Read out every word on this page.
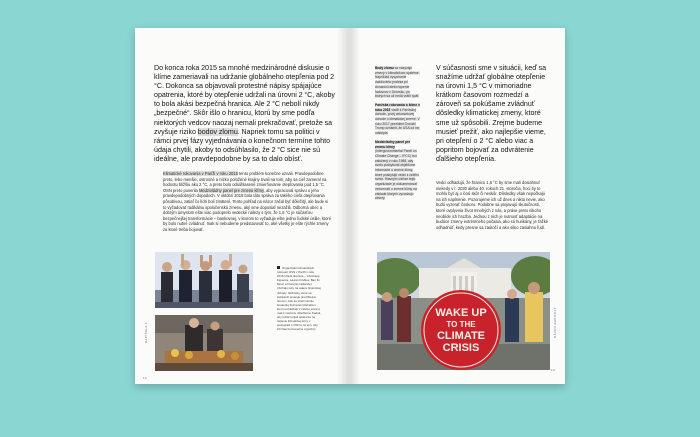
Do konca roka 2015 sa mnohé medzinárodné diskusie o klíme zameriavali na udržanie globálneho otepľenia pod 2 °C. Dokonca sa objavovali protestné nápisy spájajúce opatrenia, ktoré by otepľenie udržali na úrovni 2 °C, akoby to bola akási bezpečná hranica. Ale 2 °C nebolí nikdy „bezpečné“. Skôr išlo o hranicu, ktorú by sme podľa niektorých vedcov naozaj nemali prekračovať, pretože sa zvyšuje riziko bodov zlomu. Napriek tomu sa politici v rámci prvej fázy vyjednávania o konečnom termíne tohto údaja chytili, akoby to odsúhlasilo, že 2 °C sice nie sú ideálne, ale pravdepodobne by sa to dalo obísť.
Klimatické rokovania v Paríži v roku 2015 tento problém konečne uznali. Pravdepodobne preto, lebo menšie, ostrovné a nízko položené krajiny trvali na tom, aby sa cieľ zameral na hodnotu bližšiu ako 2 °C, a preto bolo odsúhlasené zmierňovanie otepľovania pod 1,5 °C. OSN preto poverila Medzivládny panel pre zmenu klímy, aby vypracoval správu o jeho pravdepodobných dopadoch. V októbri 2018 bola táto správa za takého cieľa otepľovania pôsobivou, zatiaľ čo lídri boli zmätení. Tento pohľad na názor začal byť dôležitý, ale bude si to vyžadovať radikálnu spoločenskú zmenu, aký sme doposiaľ nezažili. Odborná obec a dobrým úmyslom ešte viac podoprelo vedecké nálezy s tým, že 1,5 °C je súčasťou bezpečnejšej transformácie – bankovnej, v ktorom to vyžaduje ešte jedno ľudské úsilie, ktoré by bolo nutné zvládnuť. Inak si nebudeme predstavovať to, aké všetky je ešte rýchle zmeny za ktoré treba bojovať.
Organizátori klimatických rokovaní OSN v Paríži v roku 2015 (zľava doprava – Christiana Figueres, Laurent Fabius, Ban Ki-Moon a François Hollande) zdvíhajú ruky na oslavu historickej dohody. Aktivistky, ktoré sa zúčastnili protestu pred Bielym domom, kde sa stretli minulo študentky Extinction Rebellion, ktorí pochádzajú z celého sveta a mali k niečomu dôležitému žiadali, aby politici prijali opatrenia na riešenie klimatickej krízy v spolupráci s OSN a na tom, aby ich hlas bol konečne vypočutý.
12
KAPITOLA 1
13
NÁZOV KAPITOLY
Body zlomu sa nazývajú zmeny v klimatickom systéme. Napríklad vysychanie dažďového pralesa pri Amazónii alebo topenie ľadovcov v Grónsku, po ktorých sa už nedá vrátiť späť.
Parížska rokovania o klíme v roku 2015 viedli k Parížskej dohode, prvej celosvetovej dohode o klimatickej zmene. V roku 2017 prezident Donald Trump oznámil, že USA od nej odstúpia.
Medzivládny panel pre zmenu klímy (Intergovernmental Panel on Climate Change – IPCC) bol založený v roku 1988, aby svetu poskytoval objektívne informácie o zmene klímy, ktoré poskytujú vedci z celého sveta. Hlavným cieľom tejto organizácie je dokumentovať vedomosti o zmene klímy na základe ktorých vyvodzujú závery.
V súčasnosti sme v situácii, keď sa snažíme udržať globálne otepľenie na úrovni 1,5 °C v mimoriadne krátkom časovom rozmedzí a zároveň sa pokúšame zvládnuť dôsledky klimatickej zmeny, ktoré sme už spôsobili. Zrejme budeme musieť prežiť, ako najlepšie vieme, pri otepľení o 2 °C alebo viac a popritom bojovať za odvrátenie ďalšieho otepľenia.
Vedci odhadujú, že hranicu 1,5 °C by sme mali dosiahnuť niekedy v r. 2030 alebo 40. rokoch 21. storočia, hoci by to mohlo byť aj o čosi skôr či neskôr. Dôsledky však nepočkajú na ich naplnenie. Pozorujeme ich už dnes a nikto nevie, ako budú vyzerať čoskoro. Podobne sa prejavujú skutočnosti, ktoré ovplyvnia život mnohých z nás, a práve preto nikoho neobíde ich hrozba. Jednou z nich je nutnosť adaptácie na budúce zmeny extrémneho počasia, ako sú hurikány, je ťažké odhadnúť, kedy presne sa zaútočí a ako silno zasiahnu ľudí.
WAKE UP
TO THE
CLIMATE
CRISIS
